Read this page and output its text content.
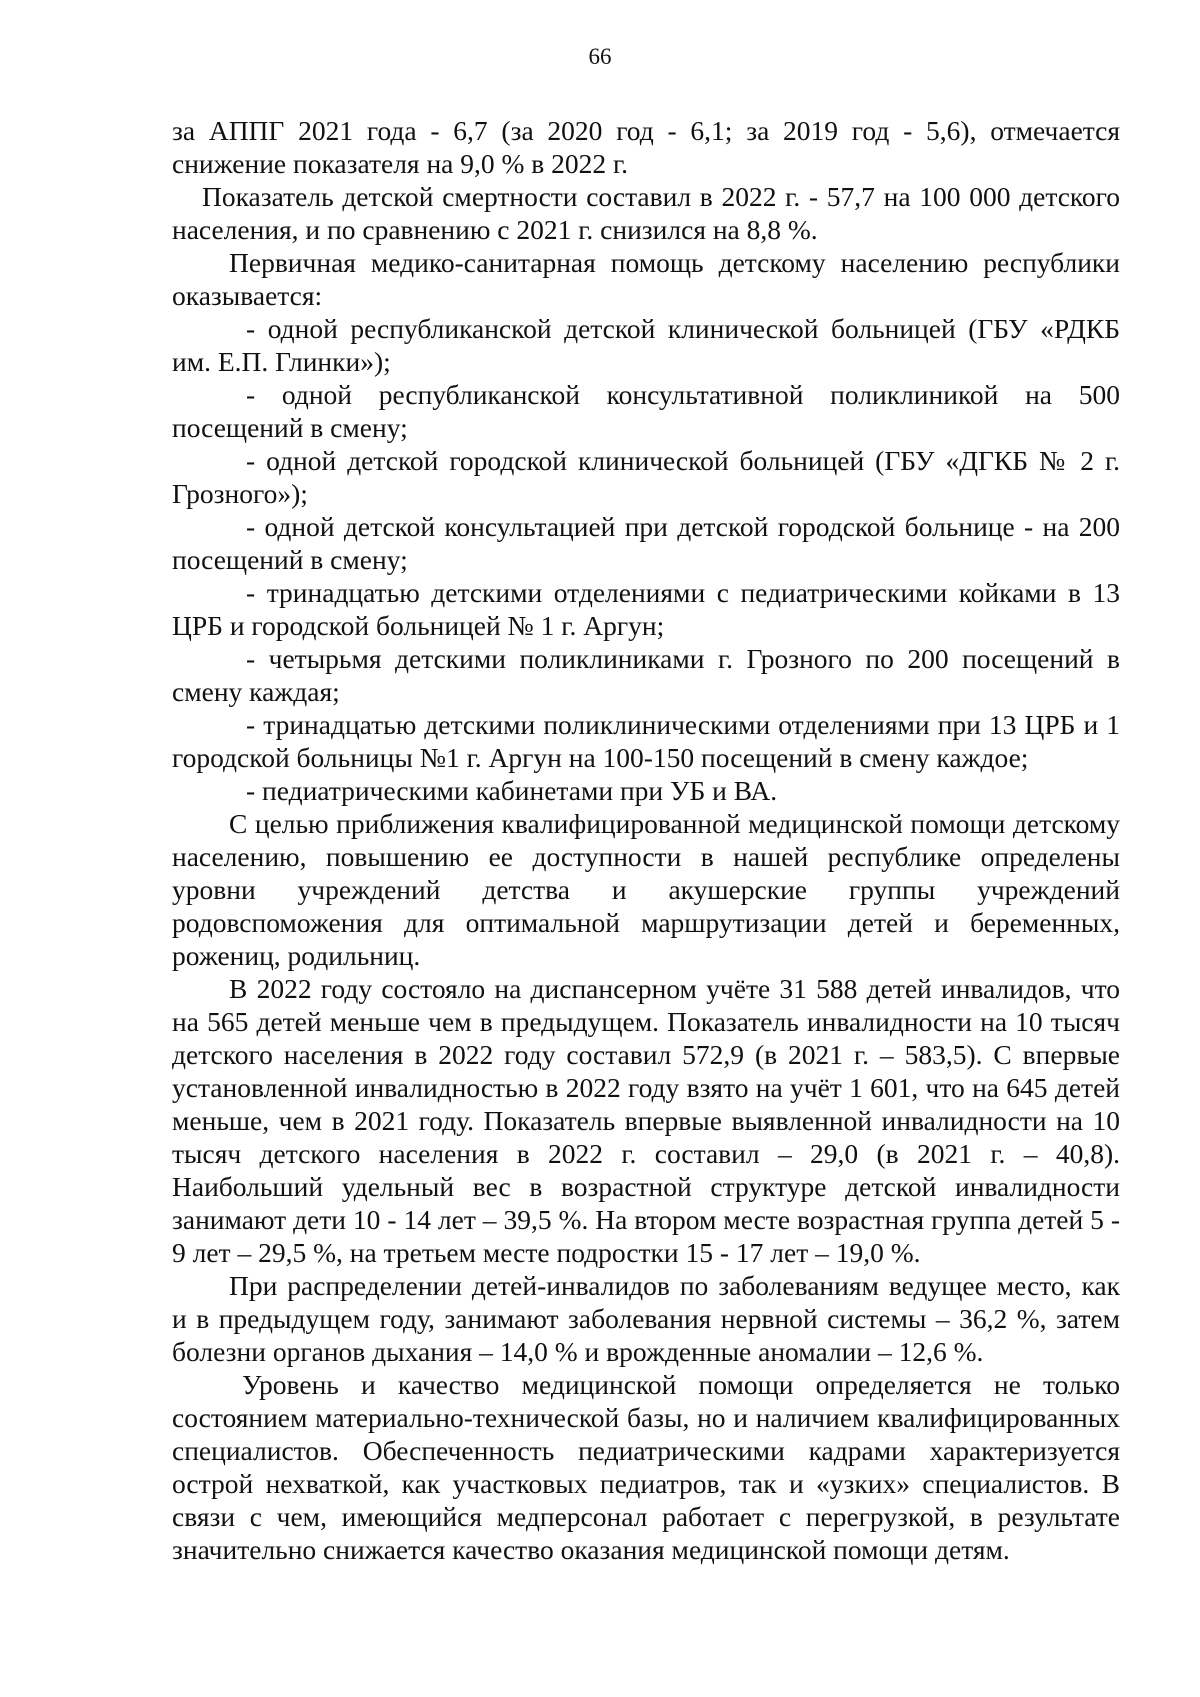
66

за АППГ 2021 года - 6,7 (за 2020 год - 6,1; за 2019 год - 5,6), отмечается снижение показателя на 9,0 % в 2022 г.

Показатель детской смертности составил в 2022 г. - 57,7 на 100 000 детского населения, и по сравнению с 2021 г. снизился на 8,8 %.

Первичная медико-санитарная помощь детскому населению республики оказывается:

- одной республиканской детской клинической больницей (ГБУ «РДКБ им. Е.П. Глинки»);

- одной республиканской консультативной поликлиникой на 500 посещений в смену;

- одной детской городской клинической больницей (ГБУ «ДГКБ № 2 г. Грозного»);

- одной детской консультацией при детской городской больнице - на 200 посещений в смену;

- тринадцатью детскими отделениями с педиатрическими койками в 13 ЦРБ и городской больницей № 1 г. Аргун;

- четырьмя детскими поликлиниками г. Грозного по 200 посещений в смену каждая;

- тринадцатью детскими поликлиническими отделениями при 13 ЦРБ и 1 городской больницы №1 г. Аргун на 100-150 посещений в смену каждое;

- педиатрическими кабинетами при УБ и ВА.

С целью приближения квалифицированной медицинской помощи детскому населению, повышению ее доступности в нашей республике определены уровни учреждений детства и акушерские группы учреждений родовспоможения для оптимальной маршрутизации детей и беременных, рожениц, родильниц.

В 2022 году состояло на диспансерном учёте 31 588 детей инвалидов, что на 565 детей меньше чем в предыдущем. Показатель инвалидности на 10 тысяч детского населения в 2022 году составил 572,9 (в 2021 г. – 583,5). С впервые установленной инвалидностью в 2022 году взято на учёт 1 601, что на 645 детей меньше, чем в 2021 году. Показатель впервые выявленной инвалидности на 10 тысяч детского населения в 2022 г. составил – 29,0 (в 2021 г. – 40,8). Наибольший удельный вес в возрастной структуре детской инвалидности занимают дети 10 - 14 лет – 39,5 %. На втором месте возрастная группа детей 5 - 9 лет – 29,5 %, на третьем месте подростки 15 - 17 лет – 19,0 %.

При распределении детей-инвалидов по заболеваниям ведущее место, как и в предыдущем году, занимают заболевания нервной системы – 36,2 %, затем болезни органов дыхания – 14,0 % и врожденные аномалии – 12,6 %.

Уровень и качество медицинской помощи определяется не только состоянием материально-технической базы, но и наличием квалифицированных специалистов. Обеспеченность педиатрическими кадрами характеризуется острой нехваткой, как участковых педиатров, так и «узких» специалистов. В связи с чем, имеющийся медперсонал работает с перегрузкой, в результате значительно снижается качество оказания медицинской помощи детям.
